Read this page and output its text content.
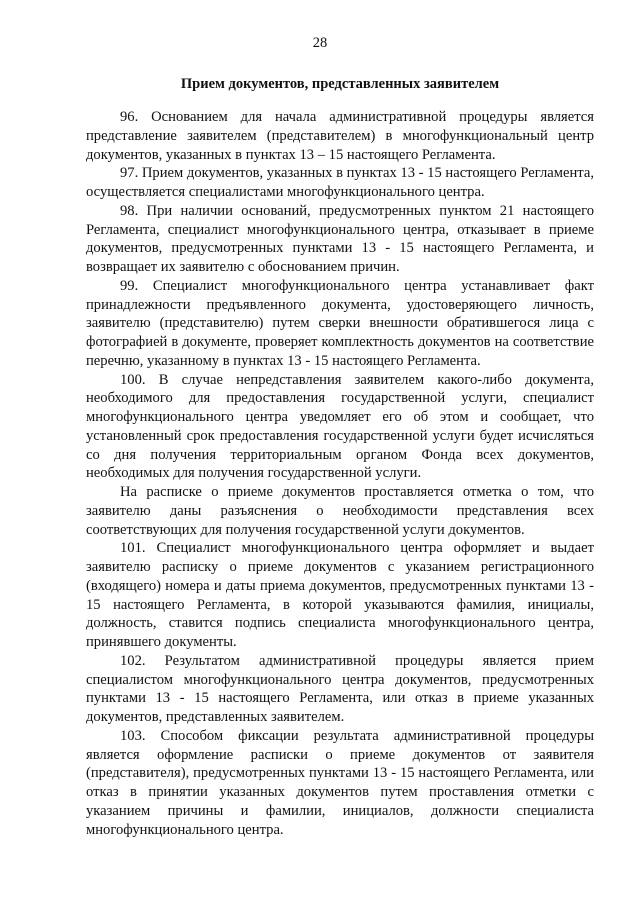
28
Прием документов, представленных заявителем

96. Основанием для начала административной процедуры является представление заявителем (представителем) в многофункциональный центр документов, указанных в пунктах 13 – 15 настоящего Регламента.

97. Прием документов, указанных в пунктах 13 - 15 настоящего Регламента, осуществляется специалистами многофункционального центра.

98. При наличии оснований, предусмотренных пунктом 21 настоящего Регламента, специалист многофункционального центра, отказывает в приеме документов, предусмотренных пунктами 13 - 15 настоящего Регламента, и возвращает их заявителю с обоснованием причин.

99. Специалист многофункционального центра устанавливает факт принадлежности предъявленного документа, удостоверяющего личность, заявителю (представителю) путем сверки внешности обратившегося лица с фотографией в документе, проверяет комплектность документов на соответствие перечню, указанному в пунктах 13 - 15 настоящего Регламента.

100. В случае непредставления заявителем какого-либо документа, необходимого для предоставления государственной услуги, специалист многофункционального центра уведомляет его об этом и сообщает, что установленный срок предоставления государственной услуги будет исчисляться со дня получения территориальным органом Фонда всех документов, необходимых для получения государственной услуги.

На расписке о приеме документов проставляется отметка о том, что заявителю даны разъяснения о необходимости представления всех соответствующих для получения государственной услуги документов.

101. Специалист многофункционального центра оформляет и выдает заявителю расписку о приеме документов с указанием регистрационного (входящего) номера и даты приема документов, предусмотренных пунктами 13 - 15 настоящего Регламента, в которой указываются фамилия, инициалы, должность, ставится подпись специалиста многофункционального центра, принявшего документы.

102. Результатом административной процедуры является прием специалистом многофункционального центра документов, предусмотренных пунктами 13 - 15 настоящего Регламента, или отказ в приеме указанных документов, представленных заявителем.

103. Способом фиксации результата административной процедуры является оформление расписки о приеме документов от заявителя (представителя), предусмотренных пунктами 13 - 15 настоящего Регламента, или отказ в принятии указанных документов путем проставления отметки с указанием причины и фамилии, инициалов, должности специалиста многофункционального центра.
